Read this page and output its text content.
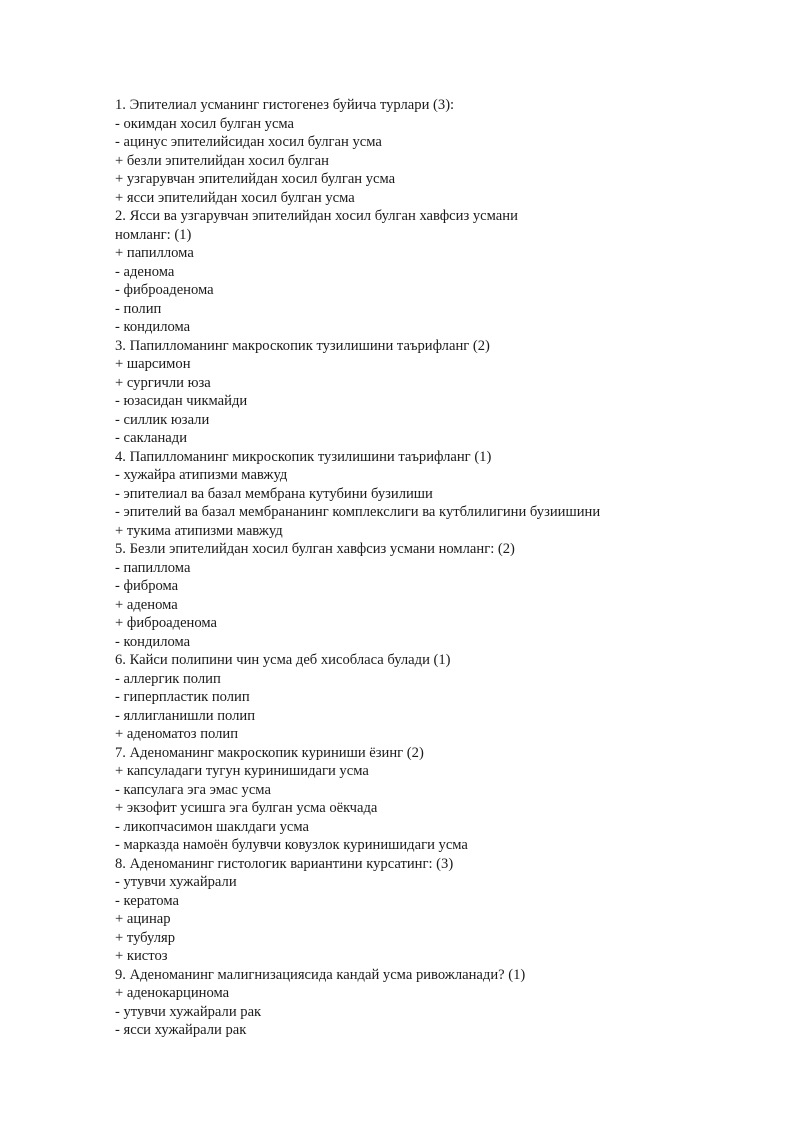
1. Эпителиал усманинг гистогенез буйича турлари (3):
- окимдан хосил булган усма
- ацинус эпителийсидан хосил булган усма
+ безли эпителийдан хосил булган
+ узгарувчан эпителийдан хосил булган усма
+ ясси эпителийдан хосил булган усма
2. Ясси ва узгарувчан эпителийдан хосил булган хавфсиз усмани
номланг: (1)
+ папиллома
- аденома
- фиброаденома
- полип
- кондилома
3. Папилломанинг макроскопик тузилишини таърифланг (2)
+ шарсимон
+ сургичли юза
- юзасидан чикмайди
- силлик юзали
- сакланади
4. Папилломанинг микроскопик тузилишини таърифланг (1)
- хужайра атипизми мавжуд
- эпителиал ва базал мембрана кутубини бузилиши
- эпителий ва базал мембрананинг комплекслиги ва кутблилигини бузиишини
+ тукима атипизми мавжуд
5. Безли эпителийдан хосил булган хавфсиз усмани номланг: (2)
- папиллома
- фиброма
+ аденома
+ фиброаденома
- кондилома
6. Кайси полипини чин усма деб хисобласа булади (1)
- аллергик полип
- гиперпластик полип
- яллигланишли полип
+ аденоматоз полип
7. Аденоманинг макроскопик куриниши ёзинг (2)
+ капсуладаги тугун куринишидаги усма
- капсулага эга эмас усма
+ экзофит усишга эга булган усма оёкчада
- ликопчасимон шаклдаги усма
- марказда намоён булувчи ковузлок куринишидаги усма
8. Аденоманинг гистологик вариантини курсатинг: (3)
- утувчи хужайрали
- кератома
+ ацинар
+ тубуляр
+ кистоз
9. Аденоманинг малигнизациясида кандай усма ривожланади? (1)
+ аденокарцинома
- утувчи хужайрали рак
- ясси хужайрали рак
